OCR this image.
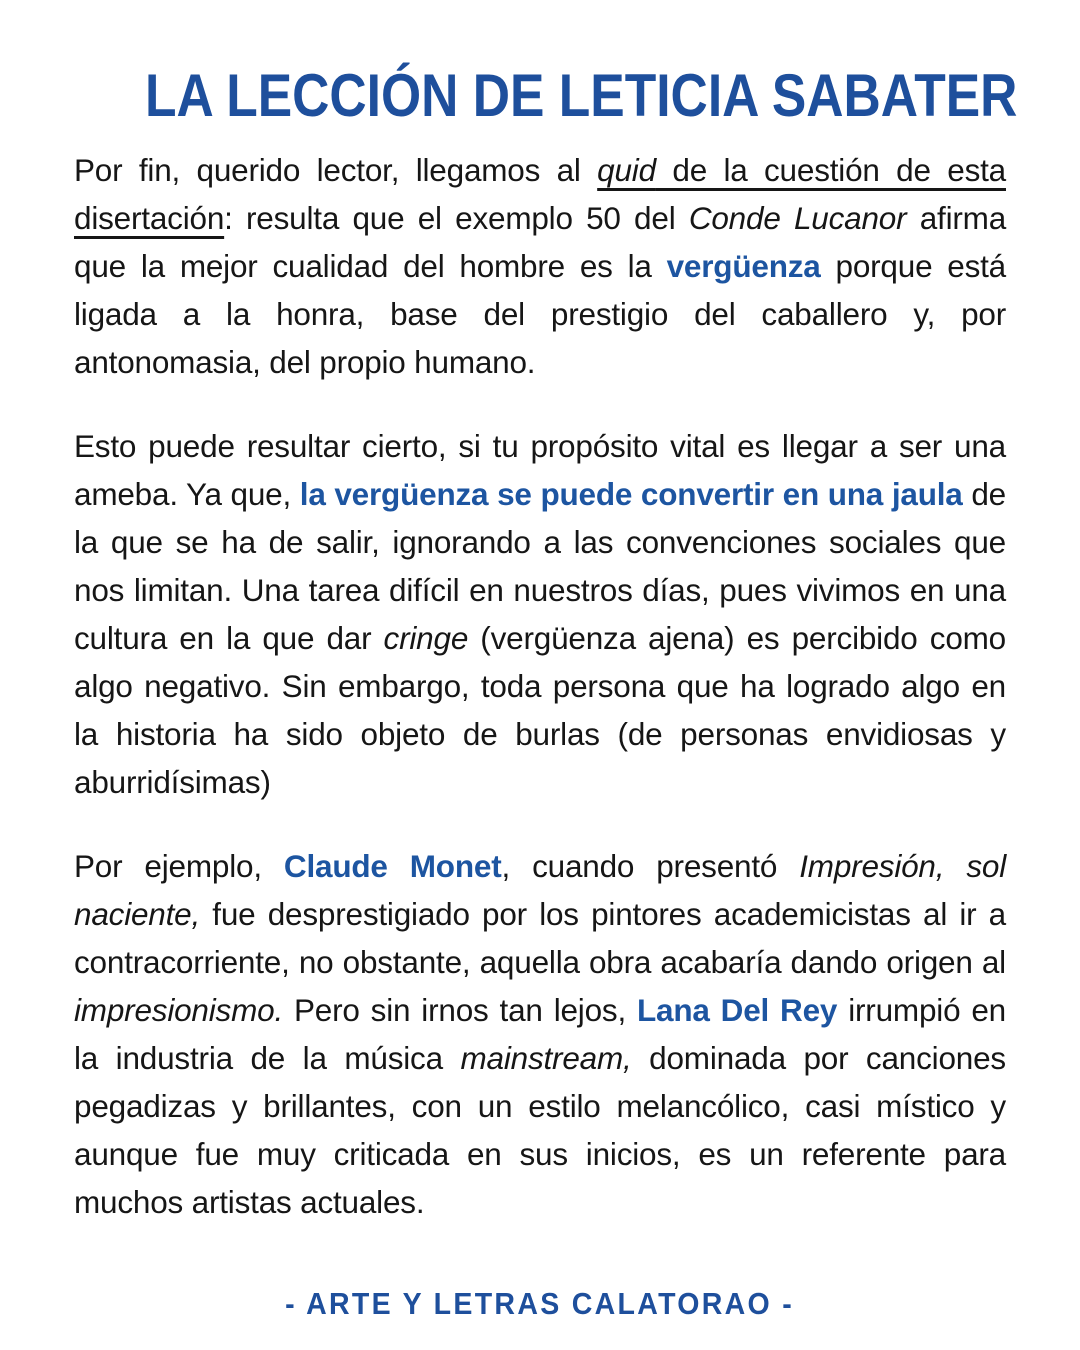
LA LECCIÓN DE LETICIA SABATER

Por fin, querido lector, llegamos al quid de la cuestión de esta disertación: resulta que el exemplo 50 del Conde Lucanor afirma que la mejor cualidad del hombre es la vergüenza porque está ligada a la honra, base del prestigio del caballero y, por antonomasia, del propio humano.

Esto puede resultar cierto, si tu propósito vital es llegar a ser una ameba. Ya que, la vergüenza se puede convertir en una jaula de la que se ha de salir, ignorando a las convenciones sociales que nos limitan. Una tarea difícil en nuestros días, pues vivimos en una cultura en la que dar cringe (vergüenza ajena) es percibido como algo negativo. Sin embargo, toda persona que ha logrado algo en la historia ha sido objeto de burlas (de personas envidiosas y aburridísimas)

Por ejemplo, Claude Monet, cuando presentó Impresión, sol naciente, fue desprestigiado por los pintores academicistas al ir a contracorriente, no obstante, aquella obra acabaría dando origen al impresionismo. Pero sin irnos tan lejos, Lana Del Rey irrumpió en la industria de la música mainstream, dominada por canciones pegadizas y brillantes, con un estilo melancólico, casi místico y aunque fue muy criticada en sus inicios, es un referente para muchos artistas actuales.

- ARTE Y LETRAS CALATORAO -
